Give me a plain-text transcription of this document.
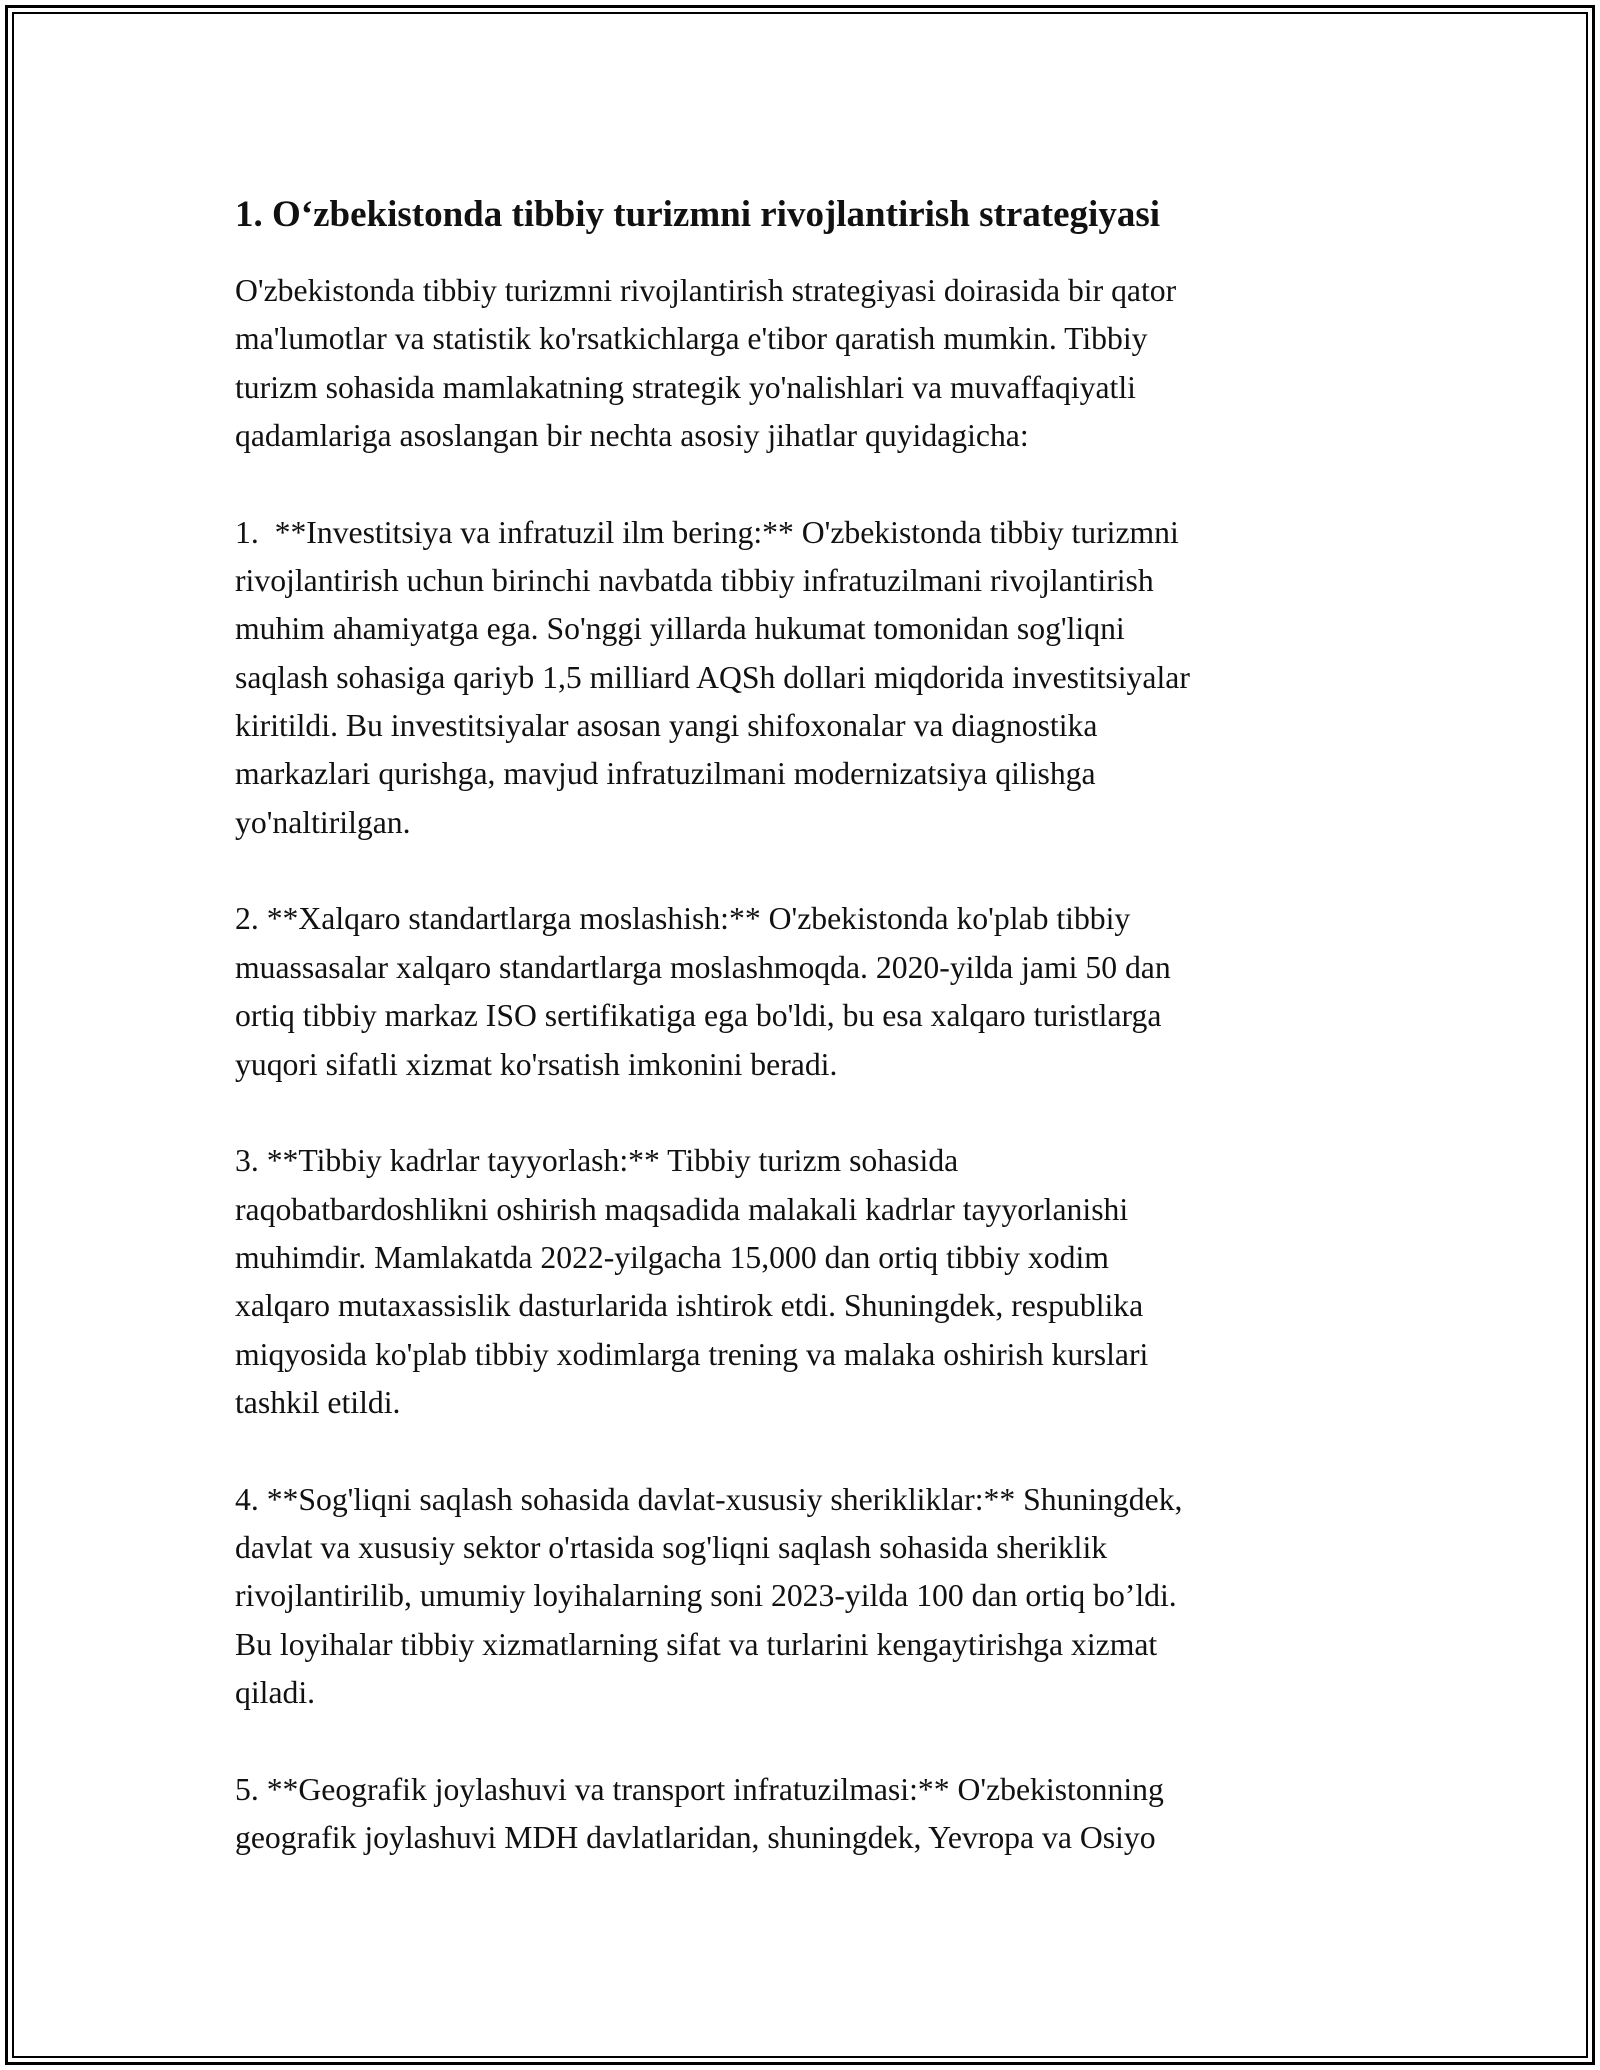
1. O‘zbekistonda tibbiy turizmni rivojlantirish strategiyasi
O'zbekistonda tibbiy turizmni rivojlantirish strategiyasi doirasida bir qator
ma'lumotlar va statistik ko'rsatkichlarga e'tibor qaratish mumkin. Tibbiy
turizm sohasida mamlakatning strategik yo'nalishlari va muvaffaqiyatli
qadamlariga asoslangan bir nechta asosiy jihatlar quyidagicha:
1.  **Investitsiya va infratuzil ilm bering:** O'zbekistonda tibbiy turizmni
rivojlantirish uchun birinchi navbatda tibbiy infratuzilmani rivojlantirish
muhim ahamiyatga ega. So'nggi yillarda hukumat tomonidan sog'liqni
saqlash sohasiga qariyb 1,5 milliard AQSh dollari miqdorida investitsiyalar
kiritildi. Bu investitsiyalar asosan yangi shifoxonalar va diagnostika
markazlari qurishga, mavjud infratuzilmani modernizatsiya qilishga
yo'naltirilgan.
2. **Xalqaro standartlarga moslashish:** O'zbekistonda ko'plab tibbiy
muassasalar xalqaro standartlarga moslashmoqda. 2020-yilda jami 50 dan
ortiq tibbiy markaz ISO sertifikatiga ega bo'ldi, bu esa xalqaro turistlarga
yuqori sifatli xizmat ko'rsatish imkonini beradi.
3. **Tibbiy kadrlar tayyorlash:** Tibbiy turizm sohasida
raqobatbardoshlikni oshirish maqsadida malakali kadrlar tayyorlanishi
muhimdir. Mamlakatda 2022-yilgacha 15,000 dan ortiq tibbiy xodim
xalqaro mutaxassislik dasturlarida ishtirok etdi. Shuningdek, respublika
miqyosida ko'plab tibbiy xodimlarga trening va malaka oshirish kurslari
tashkil etildi.
4. **Sog'liqni saqlash sohasida davlat-xususiy sherikliklar:** Shuningdek,
davlat va xususiy sektor o'rtasida sog'liqni saqlash sohasida sheriklik
rivojlantirilib, umumiy loyihalarning soni 2023-yilda 100 dan ortiq bo’ldi.
Bu loyihalar tibbiy xizmatlarning sifat va turlarini kengaytirishga xizmat
qiladi.
5. **Geografik joylashuvi va transport infratuzilmasi:** O'zbekistonning
geografik joylashuvi MDH davlatlaridan, shuningdek, Yevropa va Osiyo
